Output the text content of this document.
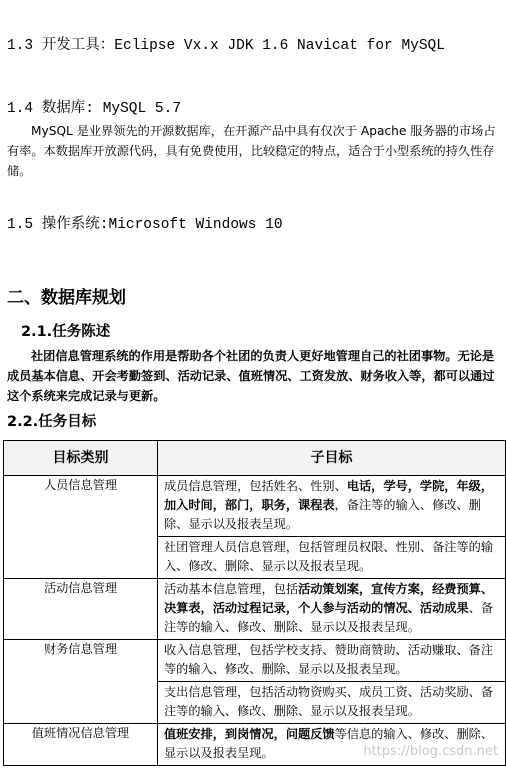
1.3 开发工具：Eclipse Vx.x JDK 1.6 Navicat for MySQL
1.4 数据库: MySQL 5.7
MySQL 是业界领先的开源数据库，在开源产品中具有仅次于 Apache 服务器的市场占有率。本数据库开放源代码，具有免费使用，比较稳定的特点，适合于小型系统的持久性存储。
1.5 操作系统:Microsoft Windows 10
二、数据库规划
2.1.任务陈述
社团信息管理系统的作用是帮助各个社团的负责人更好地管理自己的社团事物。无论是成员基本信息、开会考勤签到、活动记录、值班情况、工资发放、财务收入等，都可以通过这个系统来完成记录与更新。
2.2.任务目标
目标类别	子目标
人员信息管理	成员信息管理，包括姓名、性别、电话，学号，学院，年级，加入时间，部门，职务，课程表，备注等的输入、修改、删除、显示以及报表呈现。
	社团管理人员信息管理，包括管理员权限、性别、备注等的输入、修改、删除、显示以及报表呈现。
活动信息管理	活动基本信息管理，包括活动策划案，宣传方案，经费预算、决算表，活动过程记录，个人参与活动的情况、活动成果、备注等的输入、修改、删除、显示以及报表呈现。
财务信息管理	收入信息管理，包括学校支持、赞助商赞助、活动赚取、备注等的输入、修改、删除、显示以及报表呈现。
	支出信息管理，包括活动物资购买、成员工资、活动奖励、备注等的输入、修改、删除、显示以及报表呈现。
值班情况信息管理	值班安排，到岗情况，问题反馈等信息的输入、修改、删除、显示以及报表呈现。	https://blog.csdn.net
